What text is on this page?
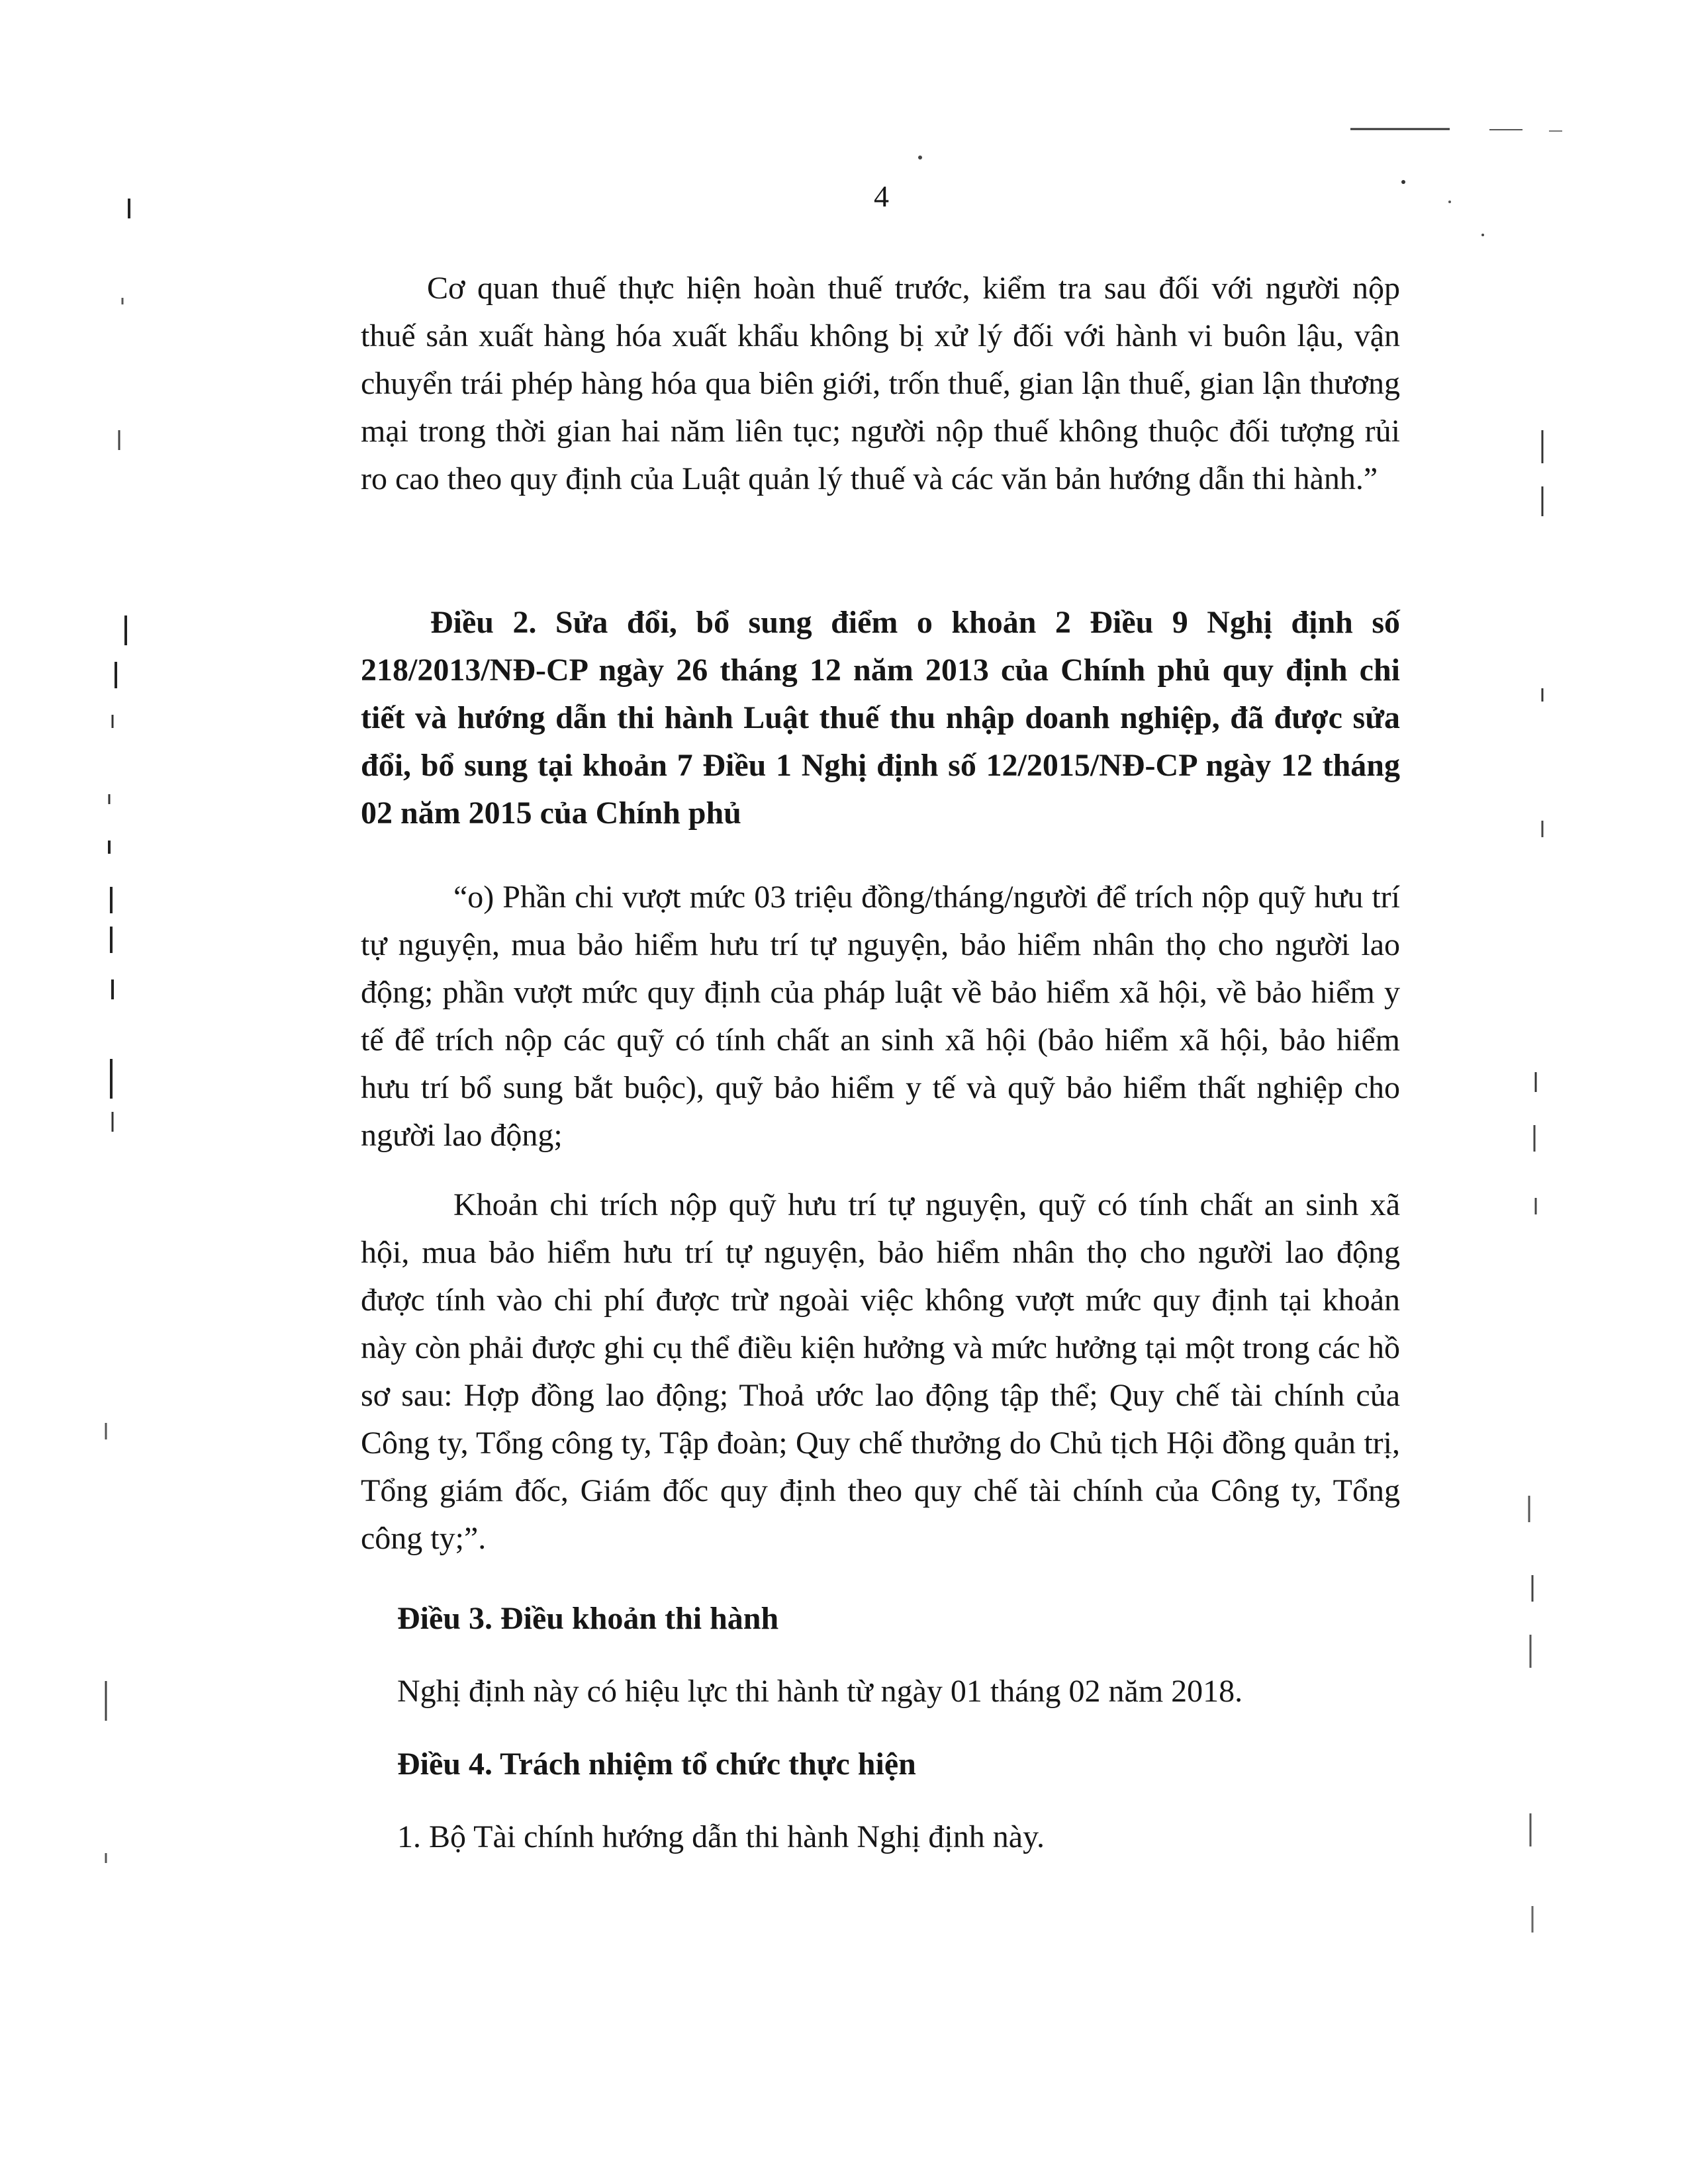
4

Cơ quan thuế thực hiện hoàn thuế trước, kiểm tra sau đối với người nộp thuế sản xuất hàng hóa xuất khẩu không bị xử lý đối với hành vi buôn lậu, vận chuyển trái phép hàng hóa qua biên giới, trốn thuế, gian lận thuế, gian lận thương mại trong thời gian hai năm liên tục; người nộp thuế không thuộc đối tượng rủi ro cao theo quy định của Luật quản lý thuế và các văn bản hướng dẫn thi hành.”

Điều 2. Sửa đổi, bổ sung điểm o khoản 2 Điều 9 Nghị định số 218/2013/NĐ-CP ngày 26 tháng 12 năm 2013 của Chính phủ quy định chi tiết và hướng dẫn thi hành Luật thuế thu nhập doanh nghiệp, đã được sửa đổi, bổ sung tại khoản 7 Điều 1 Nghị định số 12/2015/NĐ-CP ngày 12 tháng 02 năm 2015 của Chính phủ

“o) Phần chi vượt mức 03 triệu đồng/tháng/người để trích nộp quỹ hưu trí tự nguyện, mua bảo hiểm hưu trí tự nguyện, bảo hiểm nhân thọ cho người lao động; phần vượt mức quy định của pháp luật về bảo hiểm xã hội, về bảo hiểm y tế để trích nộp các quỹ có tính chất an sinh xã hội (bảo hiểm xã hội, bảo hiểm hưu trí bổ sung bắt buộc), quỹ bảo hiểm y tế và quỹ bảo hiểm thất nghiệp cho người lao động;

Khoản chi trích nộp quỹ hưu trí tự nguyện, quỹ có tính chất an sinh xã hội, mua bảo hiểm hưu trí tự nguyện, bảo hiểm nhân thọ cho người lao động được tính vào chi phí được trừ ngoài việc không vượt mức quy định tại khoản này còn phải được ghi cụ thể điều kiện hưởng và mức hưởng tại một trong các hồ sơ sau: Hợp đồng lao động; Thoả ước lao động tập thể; Quy chế tài chính của Công ty, Tổng công ty, Tập đoàn; Quy chế thưởng do Chủ tịch Hội đồng quản trị, Tổng giám đốc, Giám đốc quy định theo quy chế tài chính của Công ty, Tổng công ty;”.

Điều 3. Điều khoản thi hành

Nghị định này có hiệu lực thi hành từ ngày 01 tháng 02 năm 2018.

Điều 4. Trách nhiệm tổ chức thực hiện

1. Bộ Tài chính hướng dẫn thi hành Nghị định này.
